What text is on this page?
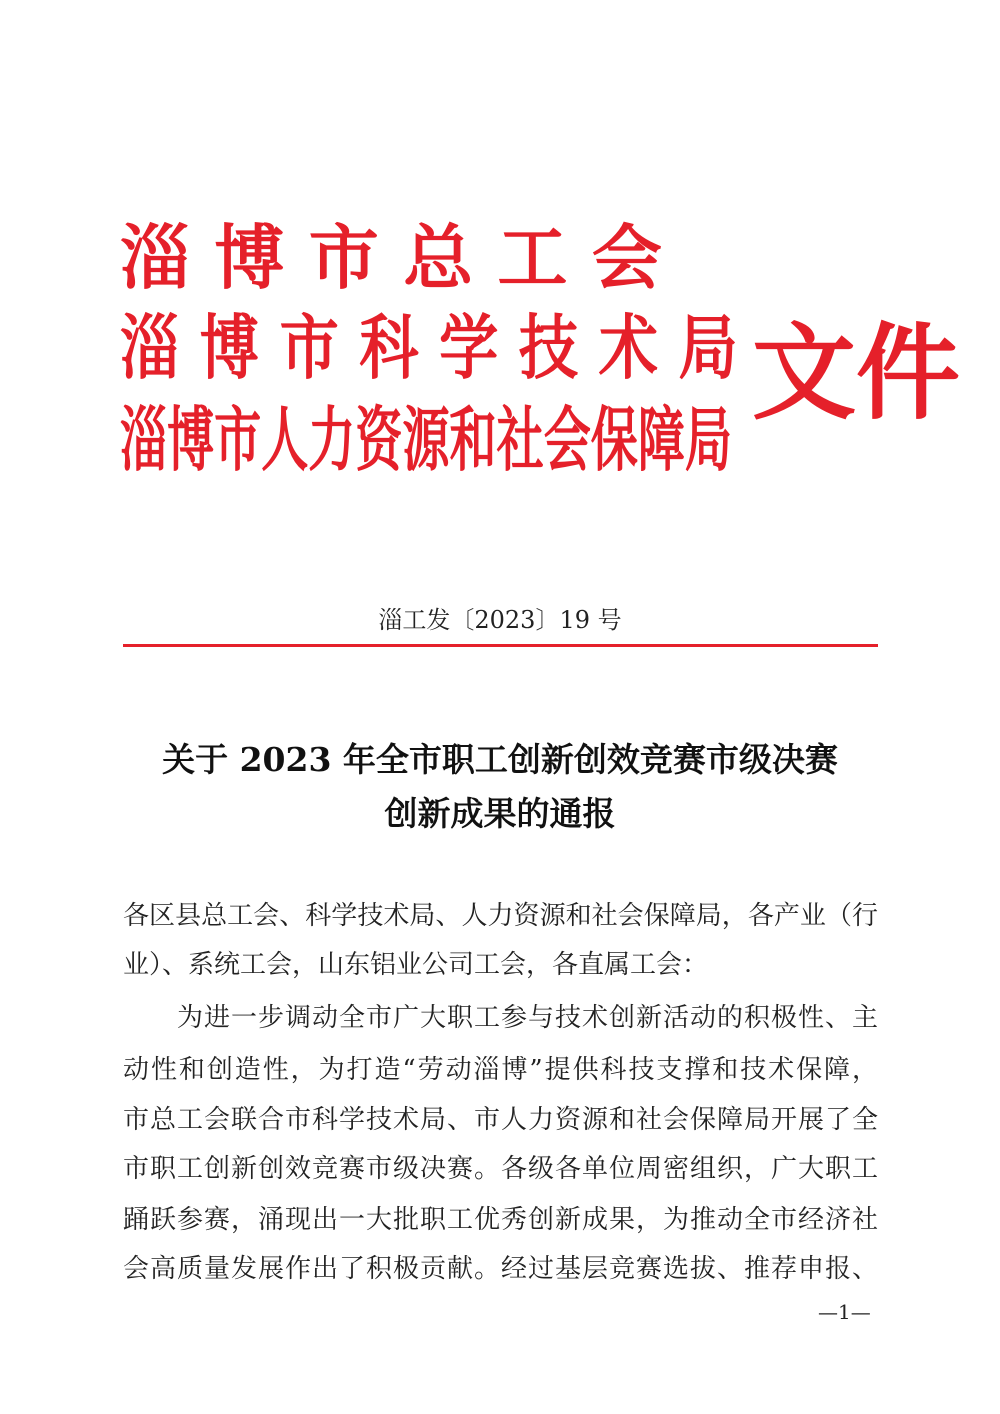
淄 博 市 总 工 会
淄 博 市 科 学 技 术 局
淄博市人力资源和社会保障局
文件
淄工发〔2023〕19 号
关于 2023 年全市职工创新创效竞赛市级决赛
创新成果的通报
各区县总工会、科学技术局、人力资源和社会保障局，各产业（行
业）、系统工会，山东铝业公司工会，各直属工会：
　　为进一步调动全市广大职工参与技术创新活动的积极性、主
动性和创造性，为打造“劳动淄博”提供科技支撑和技术保障，
市总工会联合市科学技术局、市人力资源和社会保障局开展了全
市职工创新创效竞赛市级决赛。各级各单位周密组织，广大职工
踊跃参赛，涌现出一大批职工优秀创新成果，为推动全市经济社
会高质量发展作出了积极贡献。经过基层竞赛选拔、推荐申报、
—1—
